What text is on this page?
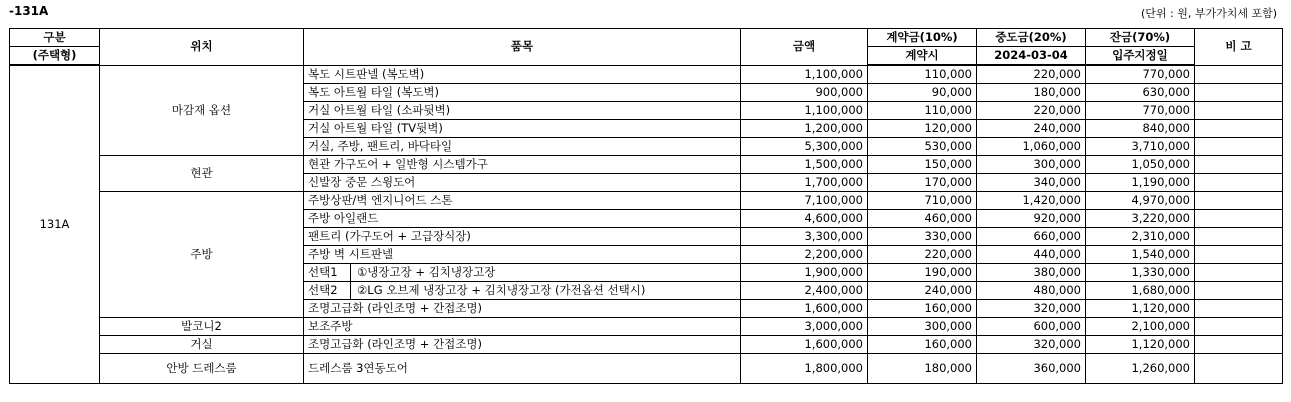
-131A	(단위 : 원, 부가가치세 포함)
구분	위치	품목	금액	계약금(10%)	중도금(20%)	잔금(70%)	비 고
(주택형)				계약시	2024-03-04	입주지정일	
131A	마감재 옵션	복도 시트판넬 (복도벽)	1,100,000	110,000	220,000	770,000	
		복도 아트월 타일 (복도벽)	900,000	90,000	180,000	630,000	
		거실 아트월 타일 (소파뒷벽)	1,100,000	110,000	220,000	770,000	
		거실 아트월 타일 (TV뒷벽)	1,200,000	120,000	240,000	840,000	
		거실, 주방, 팬트리, 바닥타일	5,300,000	530,000	1,060,000	3,710,000	
	현관	현관 가구도어 + 일반형 시스템가구	1,500,000	150,000	300,000	1,050,000	
		신발장 중문 스윙도어	1,700,000	170,000	340,000	1,190,000	
	주방	주방상판/벽 엔지니어드 스톤	7,100,000	710,000	1,420,000	4,970,000	
		주방 아일랜드	4,600,000	460,000	920,000	3,220,000	
		팬트리 (가구도어 + 고급장식장)	3,300,000	330,000	660,000	2,310,000	
		주방 벽 시트판넬	2,200,000	220,000	440,000	1,540,000	

		선택1 ①냉장고장 + 김치냉장고장	1,900,000	190,000	380,000	1,330,000	

		선택2 ②LG 오브제 냉장고장 + 김치냉장고장 (가전옵션 선택시)	2,400,000	240,000	480,000	1,680,000	
		조명고급화 (라인조명 + 간접조명)	1,600,000	160,000	320,000	1,120,000	
	발코니2	보조주방	3,000,000	300,000	600,000	2,100,000	
	거실	조명고급화 (라인조명 + 간접조명)	1,600,000	160,000	320,000	1,120,000	
	안방 드레스룸	드레스룸 3연동도어	1,800,000	180,000	360,000	1,260,000	
